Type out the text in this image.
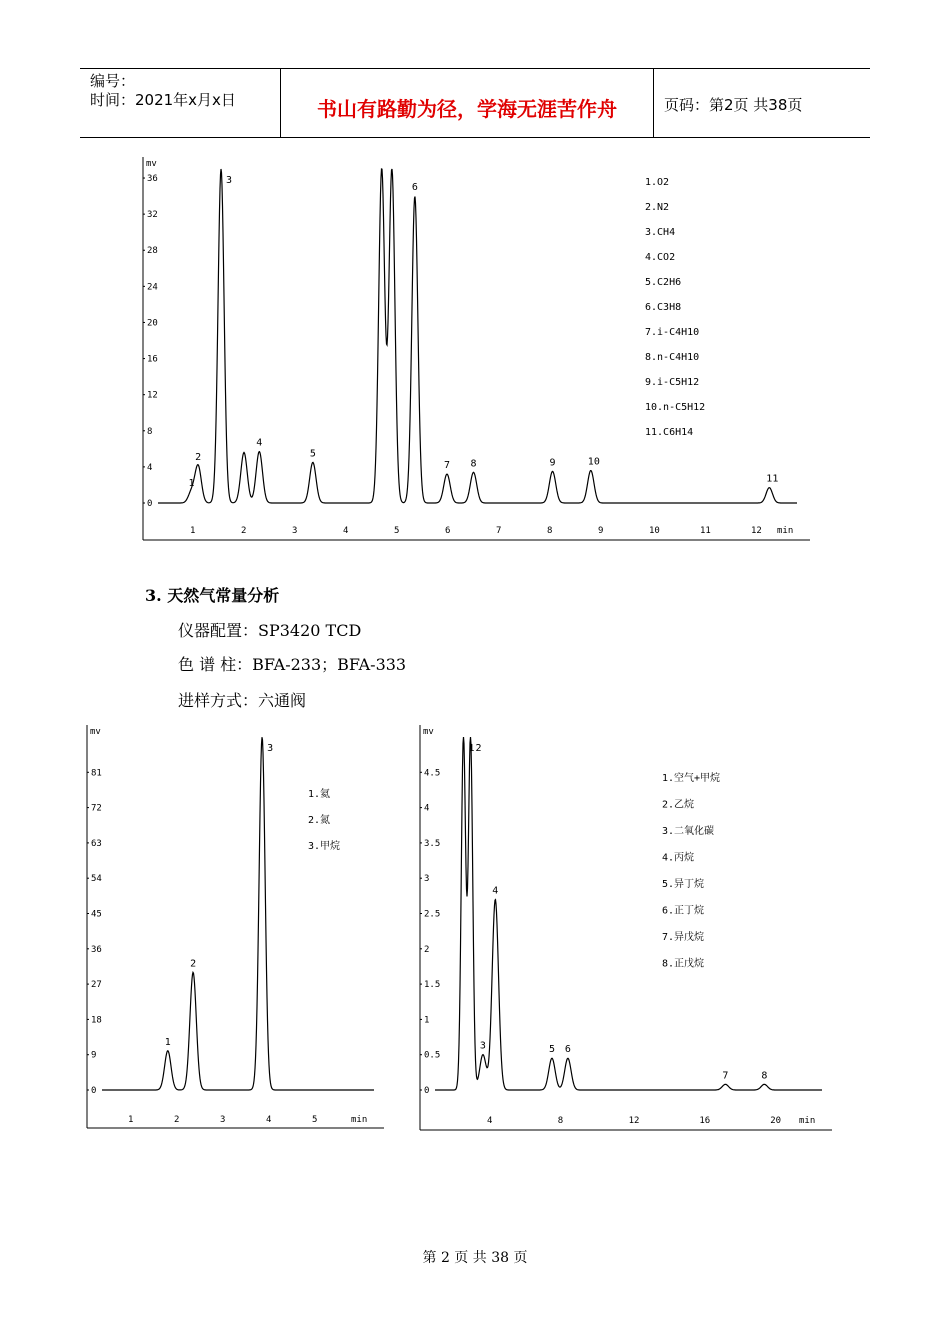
编号：
时间：2021年x月x日	书山有路勤为径，学海无涯苦作舟	页码：第2页 共38页
mv
min
0
4
8
12
16
20
24
28
32
36
1	2	3	4	5	6	7	8	9	10	11	12
1
2
3
4
5
6
7 8	9	10
11
1.O2
2.N2
3.CH4
4.CO2
5.C2H6
6.C3H8
7.i-C4H10
8.n-C4H10
9.i-C5H12
10.n-C5H12
11.C6H14
3. 天然气常量分析
仪器配置：SP3420 TCD
色 谱 柱：BFA-233；BFA-333
进样方式：六通阀
mv
min
0
9
18
27
36
45
54
63
72
81
1	2	3	4	5
1
2
3
1.氦
2.氮
3.甲烷
mv
min
0
0.5
1
1.5
2
2.5
3
3.5
4
4.5
4	8	12	16	20
1 2
3
4
5 6
7	8
1.空气+甲烷
2.乙烷
3.二氧化碳
4.丙烷
5.异丁烷
6.正丁烷
7.异戊烷
8.正戊烷
第 2 页 共 38 页
